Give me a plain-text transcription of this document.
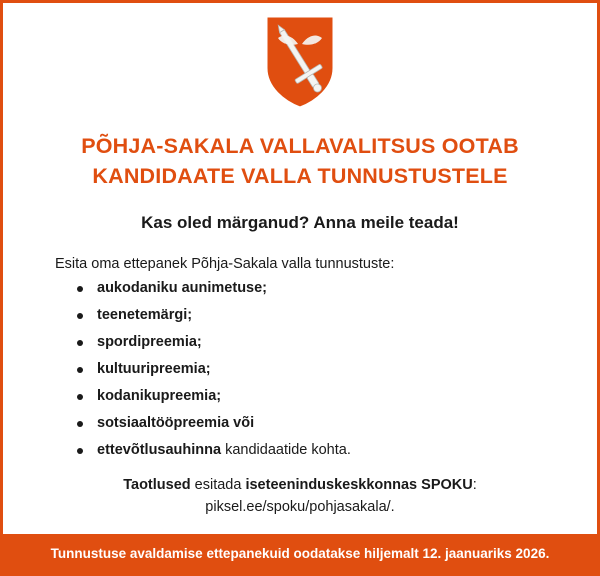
PÕHJA-SAKALA VALLAVALITSUS OOTAB
KANDIDAATE VALLA TUNNUSTUSTELE

Kas oled märganud? Anna meile teada!

Esita oma ettepanek Põhja-Sakala valla tunnustuste:

aukodaniku aunimetuse;
teenetemärgi;
spordipreemia;
kultuuripreemia;
kodanikupreemia;
sotsiaaltööpreemia või
ettevõtlusauhinna kandidaatide kohta.

Taotlused esitada iseteeninduskeskkonnas SPOKU:
piksel.ee/spoku/pohjasakala/.

Tunnustuse avaldamise ettepanekuid oodatakse hiljemalt 12. jaanuariks 2026.
